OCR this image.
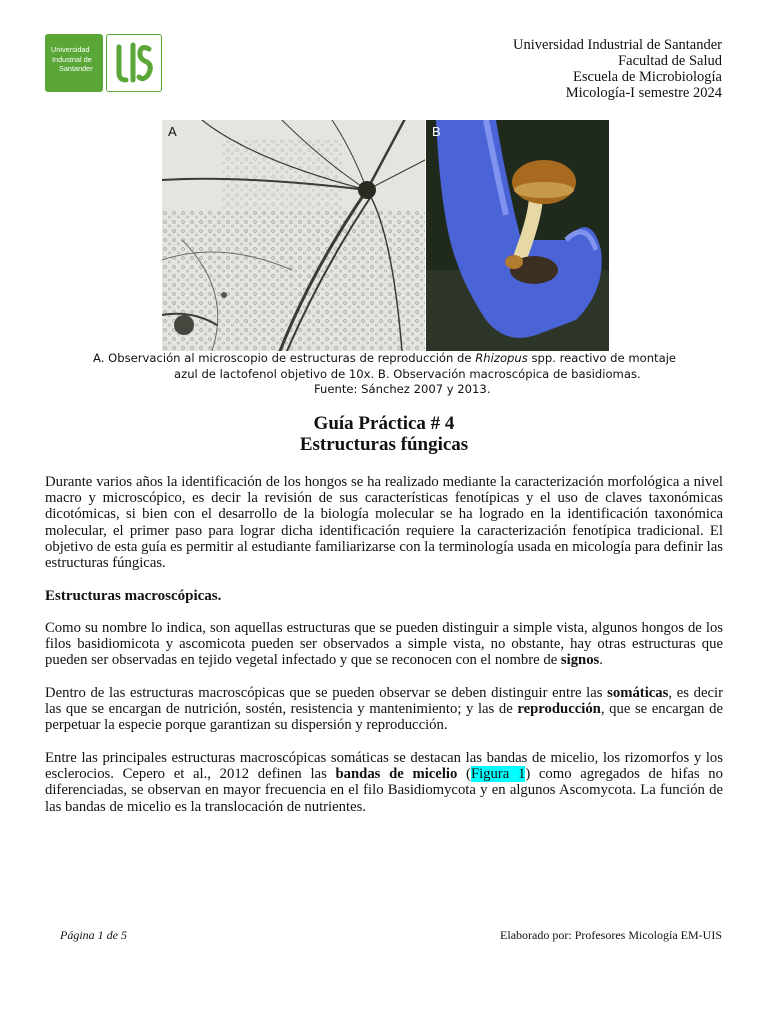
Universidad
Industrial de
Santander
Universidad Industrial de Santander
Facultad de Salud
Escuela de Microbiología
Micología-I semestre 2024
A	B
A. Observación al microscopio de estructuras de reproducción de Rhizopus spp. reactivo de montaje
azul de lactofenol objetivo de 10x. B. Observación macroscópica de basidiomas.
Fuente: Sánchez 2007 y 2013.
Guía Práctica # 4
Estructuras fúngicas
Durante varios años la identificación de los hongos se ha realizado mediante la caracterización morfológica a nivel macro y microscópico, es decir la revisión de sus características fenotípicas y el uso de claves taxonómicas dicotómicas, si bien con el desarrollo de la biología molecular se ha logrado en la identificación taxonómica molecular, el primer paso para lograr dicha identificación requiere la caracterización fenotípica tradicional. El objetivo de esta guía es permitir al estudiante familiarizarse con la terminología usada en micología para definir las estructuras fúngicas.
Estructuras macroscópicas.
Como su nombre lo indica, son aquellas estructuras que se pueden distinguir a simple vista, algunos hongos de los filos basidiomicota y ascomicota pueden ser observados a simple vista, no obstante, hay otras estructuras que pueden ser observadas en tejido vegetal infectado y que se reconocen con el nombre de signos.
Dentro de las estructuras macroscópicas que se pueden observar se deben distinguir entre las somáticas, es decir las que se encargan de nutrición, sostén, resistencia y mantenimiento; y las de reproducción, que se encargan de perpetuar la especie porque garantizan su dispersión y reproducción.
Entre las principales estructuras macroscópicas somáticas se destacan las bandas de micelio, los rizomorfos y los esclerocios. Cepero et al., 2012 definen las bandas de micelio (Figura 1) como agregados de hifas no diferenciadas, se observan en mayor frecuencia en el filo Basidiomycota y en algunos Ascomycota. La función de las bandas de micelio es la translocación de nutrientes.
Página 1 de 5	Elaborado por: Profesores Micología EM-UIS
